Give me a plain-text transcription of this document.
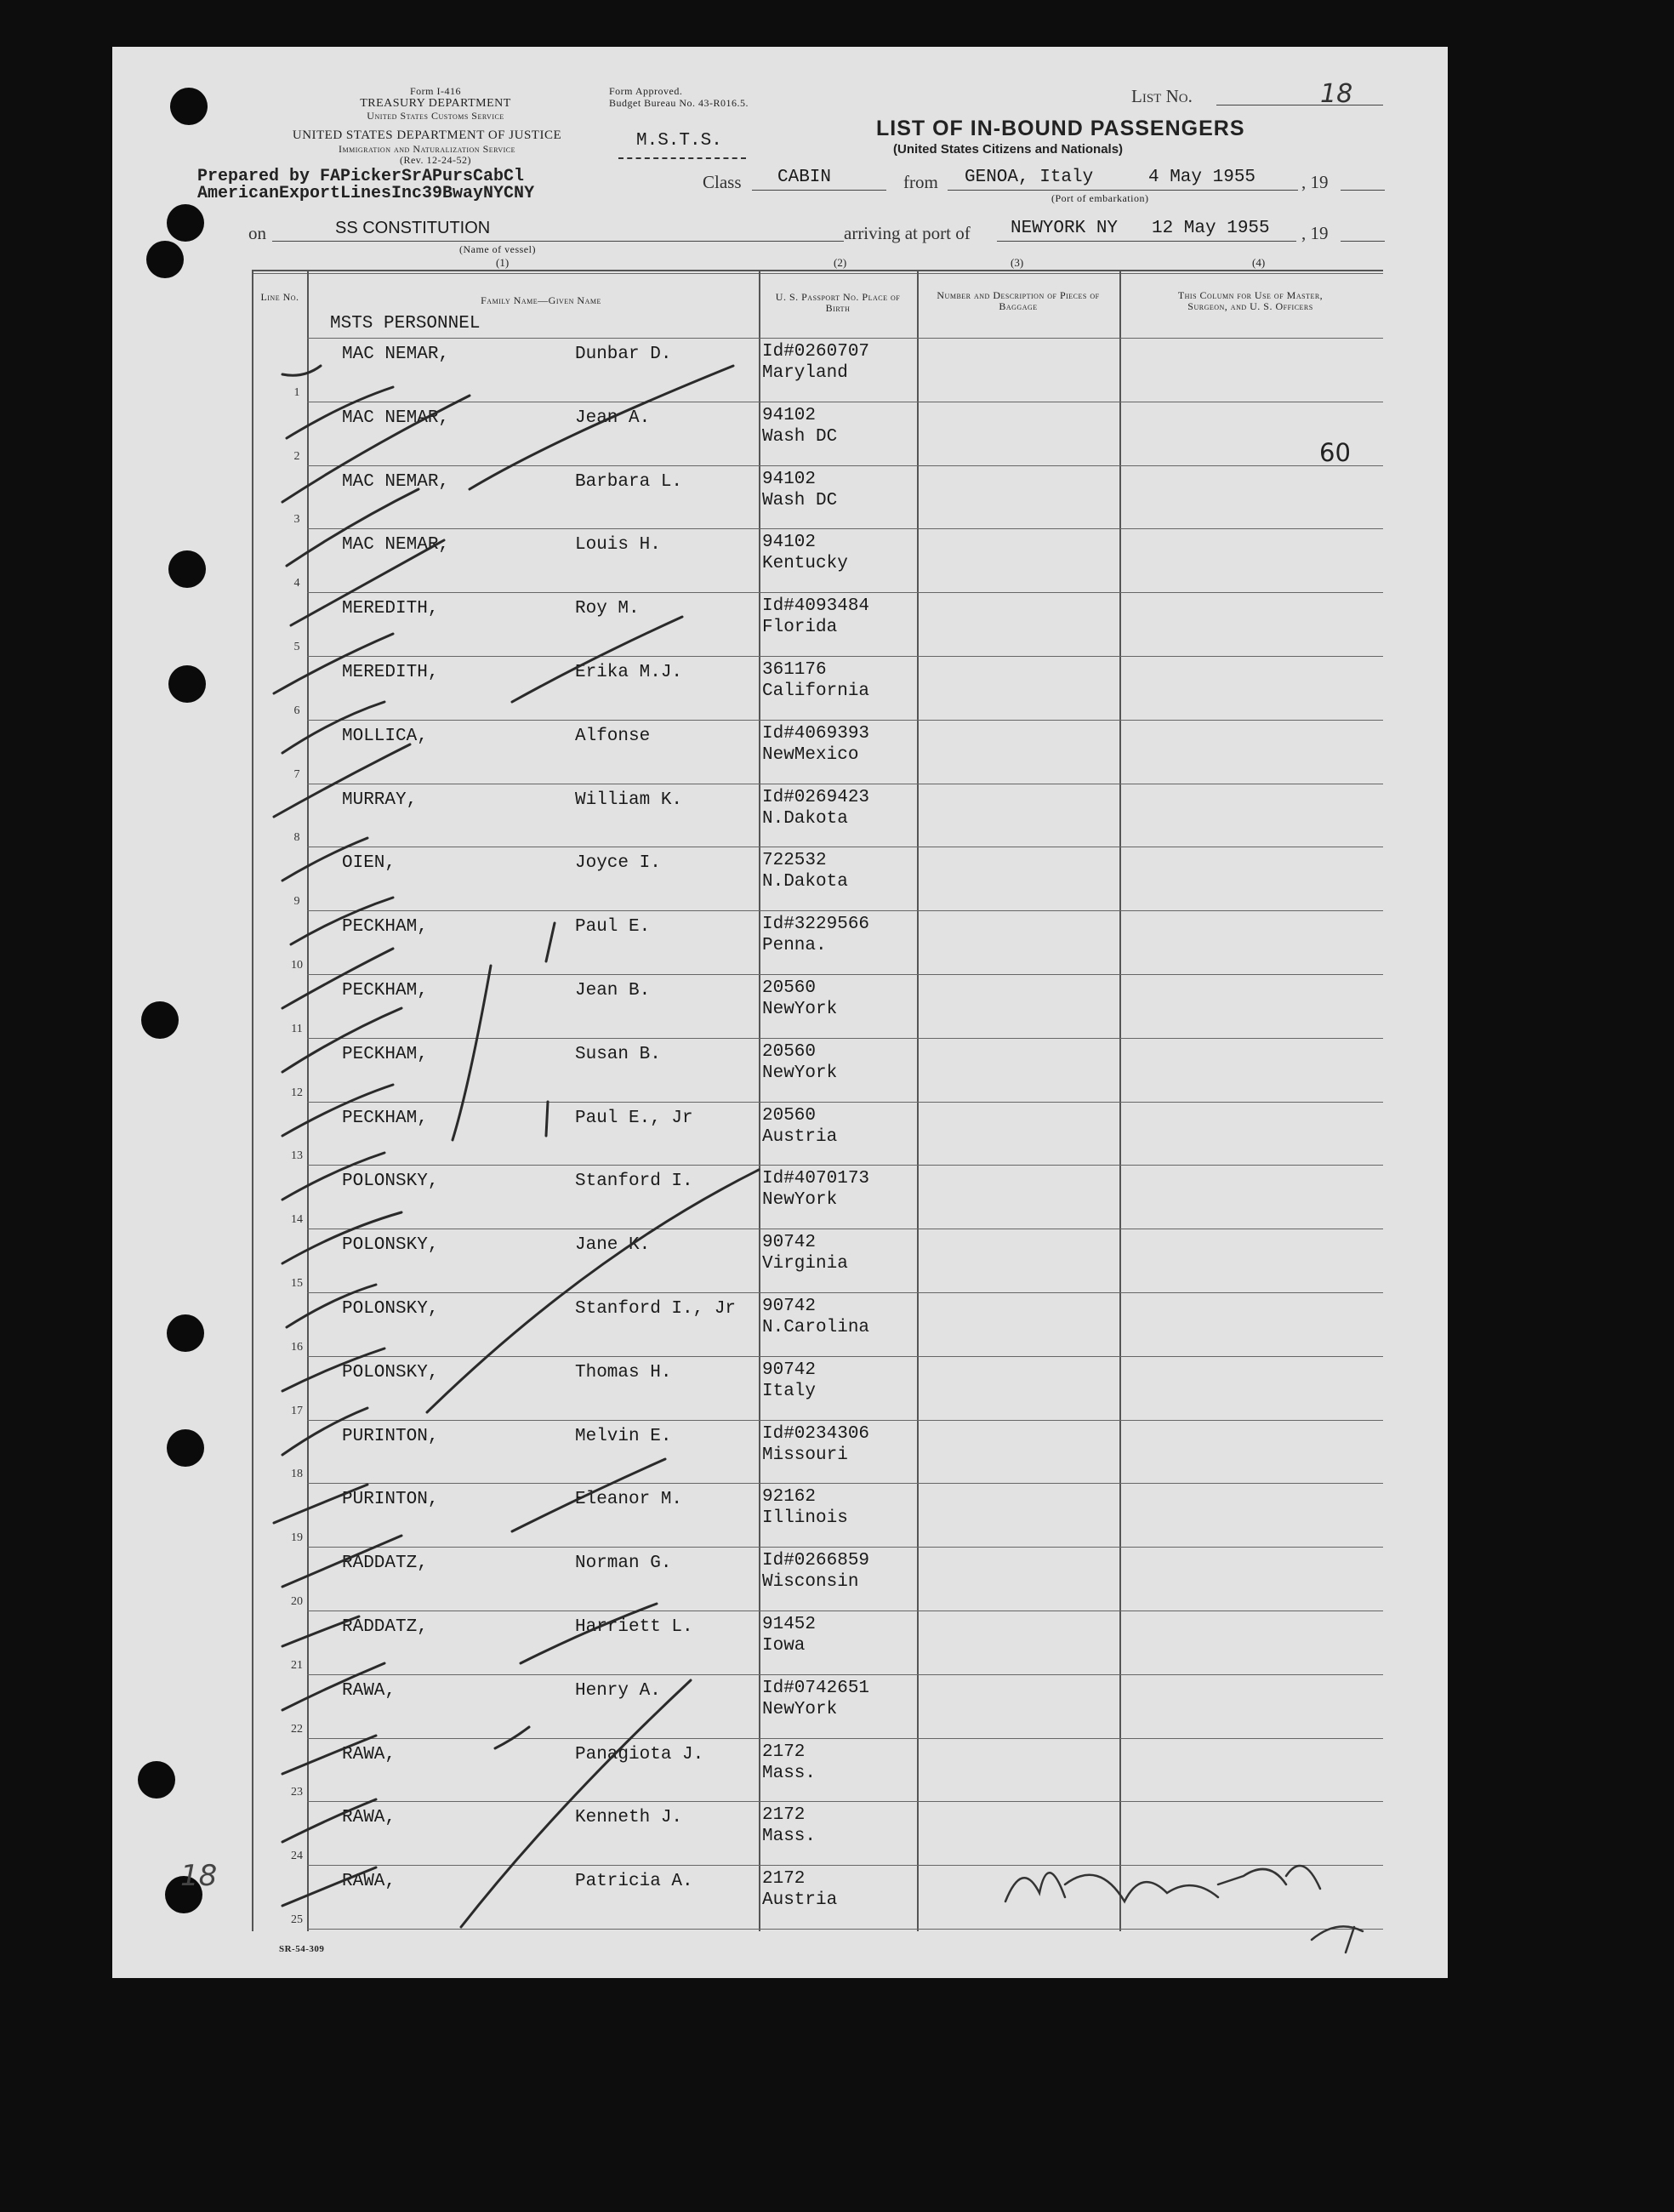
Form I-416
TREASURY DEPARTMENT
United States Customs Service
UNITED STATES DEPARTMENT OF JUSTICE
Immigration and Naturalization Service
(Rev. 12-24-52)
Form Approved.
Budget Bureau No. 43-R016.5.
M.S.T.S.
List No.	18
LIST OF IN-BOUND PASSENGERS
(United States Citizens and Nationals)
Prepared by FAPickerSrAPursCabCl
AmericanExportLinesInc39BwayNYCNY
Class CABIN	from GENOA, Italy	4 May 1955	, 19
(Port of embarkation)
on	SS CONSTITUTION
(Name of vessel)
arriving at port of NEWYORK NY 12 May 1955 , 19
(1)	(2)	(3)	(4)
Line No.	Family Name—Given Name	U. S. Passport No. Place of Birth
Number and Description of Pieces of Baggage
This Column for Use of Master, Surgeon, and U. S. Officers
MSTS PERSONNEL
1
MAC NEMAR,	Dunbar D.	Id#0260707
Maryland
2
MAC NEMAR,	Jean A.	94102
Wash DC
3
MAC NEMAR,	Barbara L.	94102
Wash DC
4
MAC NEMAR,	Louis H.	94102
Kentucky
5
MEREDITH,	Roy M.	Id#4093484
Florida
6
MEREDITH,	Erika M.J.	361176
California
7
MOLLICA,	Alfonse	Id#4069393
NewMexico
8
MURRAY,	William K.	Id#0269423
N.Dakota
9
OIEN,	Joyce I.	722532
N.Dakota
10
PECKHAM,	Paul E.	Id#3229566
Penna.
11
PECKHAM,	Jean B.	20560
NewYork
12
PECKHAM,	Susan B.	20560
NewYork
13
PECKHAM,	Paul E., Jr	20560
Austria
14
POLONSKY,	Stanford I.	Id#4070173
NewYork
15
POLONSKY,	Jane K.	90742
Virginia
16
POLONSKY,	Stanford I., Jr 90742
N.Carolina
17
POLONSKY,	Thomas H.	90742
Italy
18
PURINTON,	Melvin E.	Id#0234306
Missouri
19
PURINTON,	Eleanor M.	92162
Illinois
20
RADDATZ,	Norman G.	Id#0266859
Wisconsin
21
RADDATZ,	Harriett L.	91452
Iowa
22
RAWA,	Henry A.	Id#0742651
NewYork
23
RAWA,	Panagiota J.	2172
Mass.
24
RAWA,	Kenneth J.	2172
Mass.
25
RAWA,	Patricia A.	2172
Austria
60
18
SR-54-309
